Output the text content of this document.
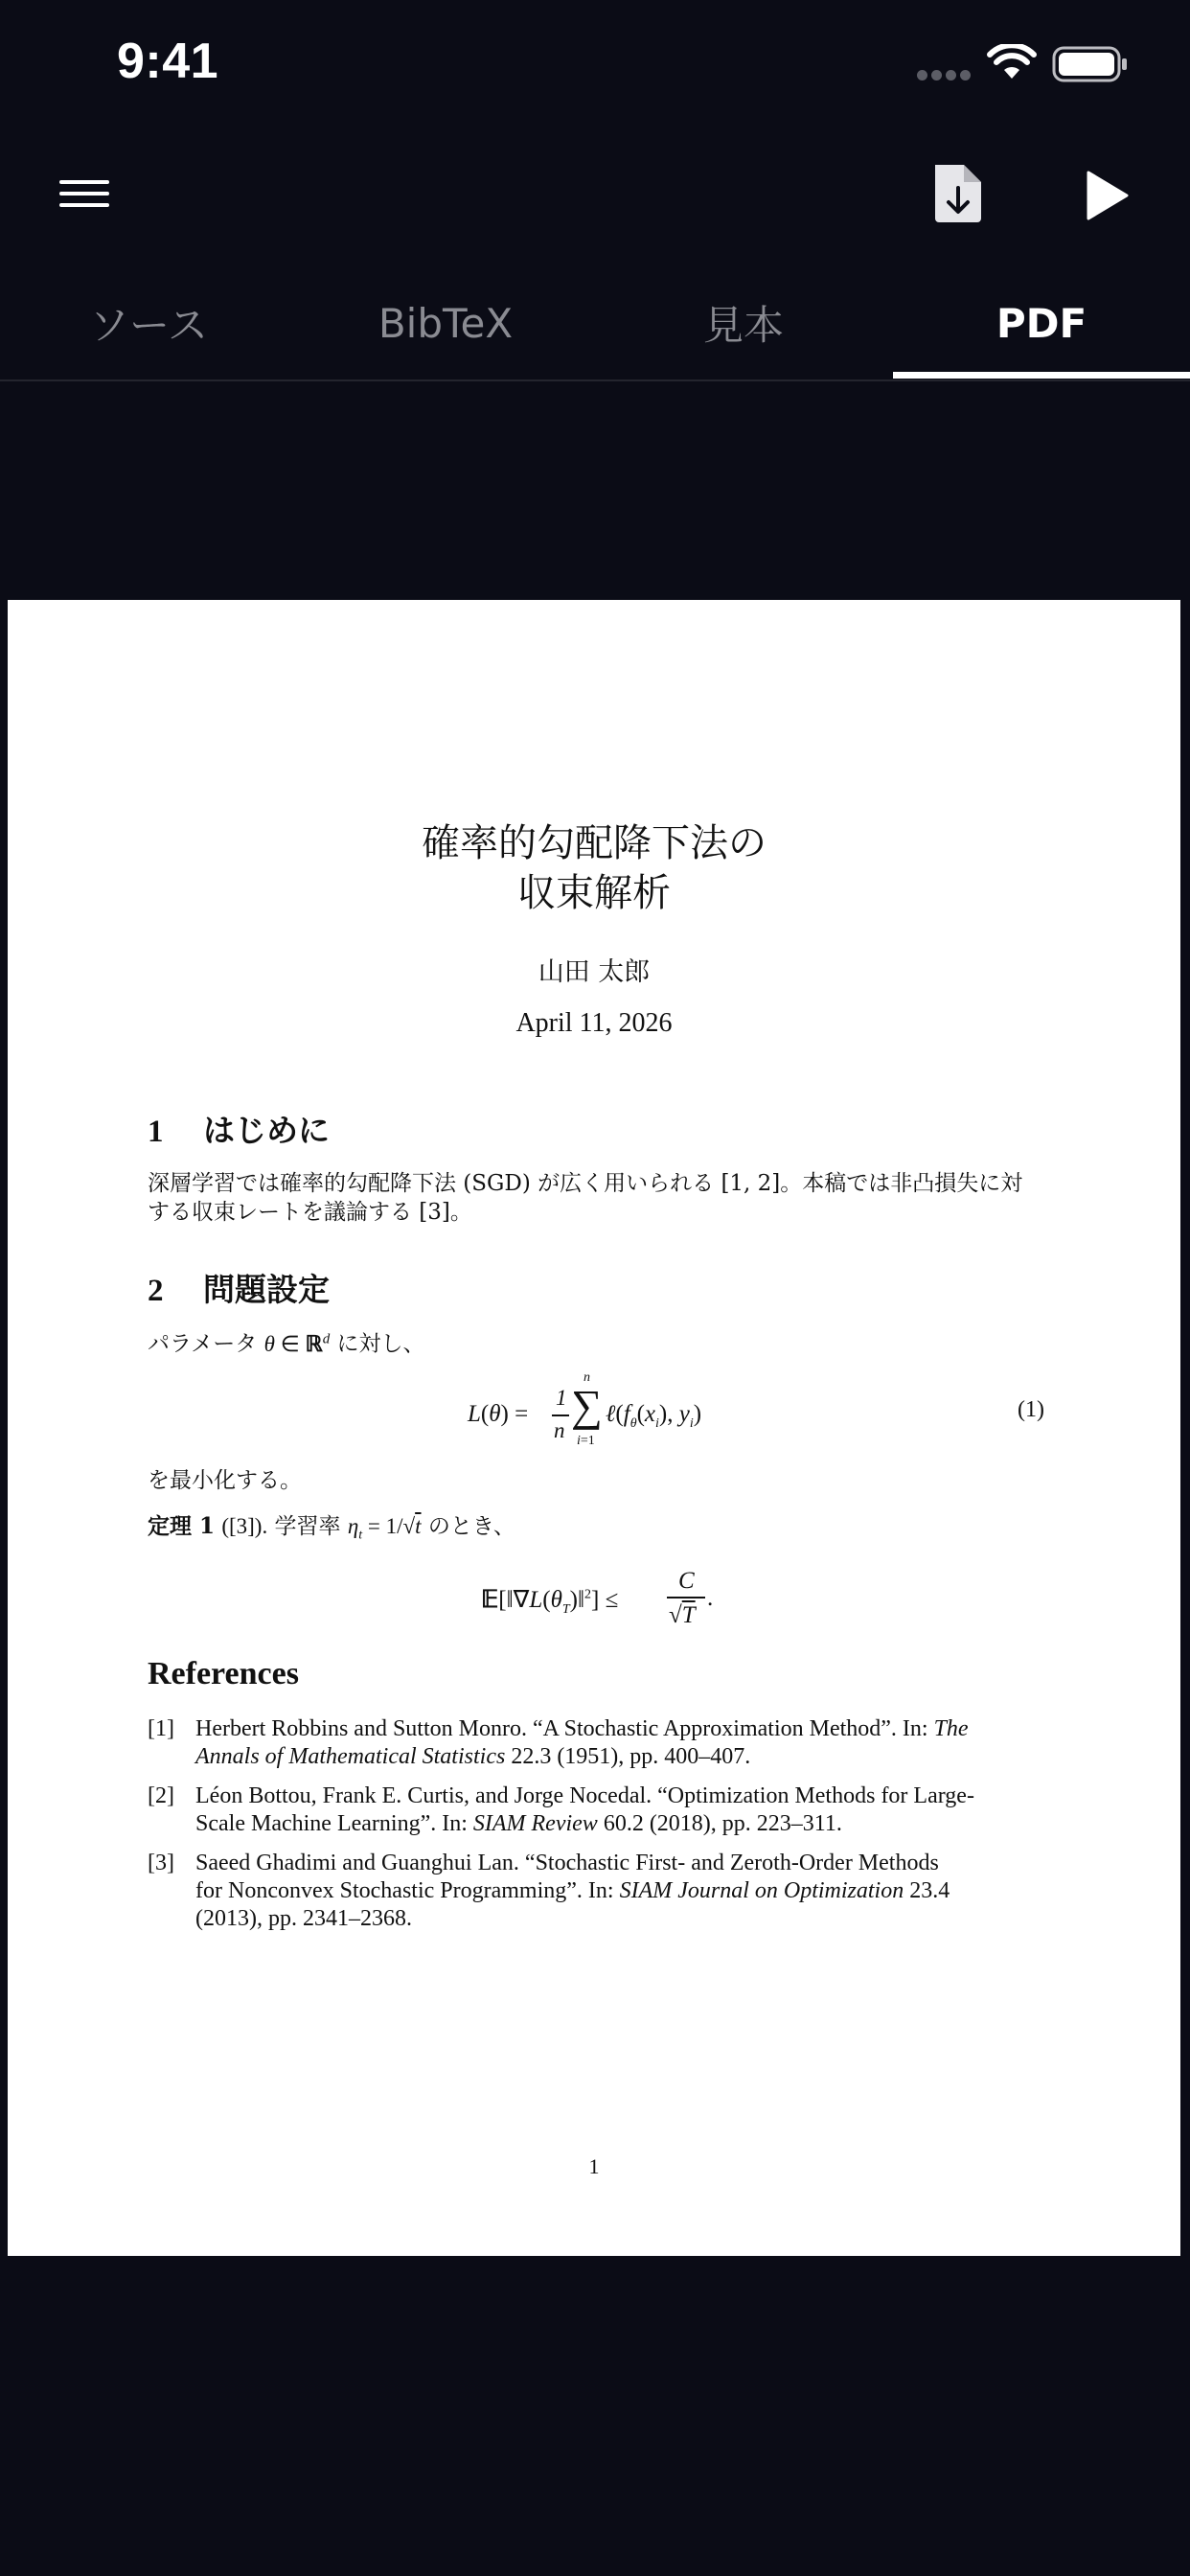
9:41
ソース	BibTeX	見本	PDF
確率的勾配降下法の
収束解析
山田 太郎
April 11, 2026
1 はじめに
深層学習では確率的勾配降下法 (SGD) が広く用いられる [1, 2]。本稿では非凸損失に対
する収束レートを議論する [3]。
2 問題設定
パラメータ θ ∈ ℝ$^d$ に対し、
L(θ) =
1
n
n
∑
i=1
$\ell(f_\theta(x_i)$, $y_i$)	(1)
を最小化する。
定理 1 ([3]). 学習率 $\eta_t = 1/√t$ のとき、
$𝔼[‖\nabla L(\theta_T)‖^2]$ ≤
C
√T
.
References
[1] Herbert Robbins and Sutton Monro. “A Stochastic Approximation Method”. In: The
Annals of Mathematical Statistics 22.3 (1951), pp. 400–407.
[2] Léon Bottou, Frank E. Curtis, and Jorge Nocedal. “Optimization Methods for Large-
Scale Machine Learning”. In: SIAM Review 60.2 (2018), pp. 223–311.
[3] Saeed Ghadimi and Guanghui Lan. “Stochastic First- and Zeroth-Order Methods
for Nonconvex Stochastic Programming”. In: SIAM Journal on Optimization 23.4
(2013), pp. 2341–2368.
1
